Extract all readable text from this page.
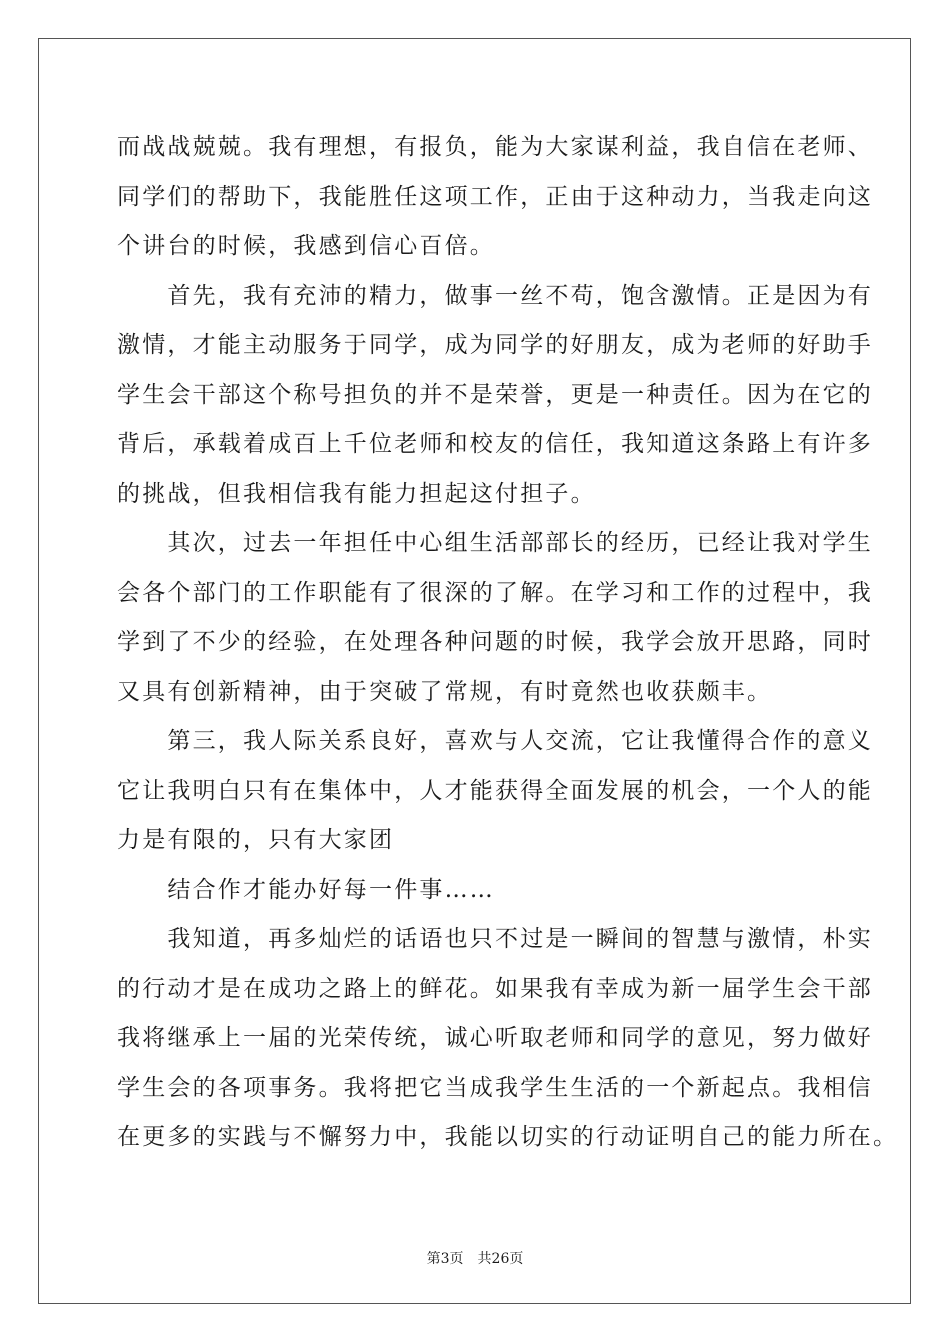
而战战兢兢。我有理想，有报负，能为大家谋利益，我自信在老师、
同学们的帮助下，我能胜任这项工作，正由于这种动力，当我走向这
个讲台的时候，我感到信心百倍。
　　首先，我有充沛的精力，做事一丝不苟，饱含激情。正是因为有
激情，才能主动服务于同学，成为同学的好朋友，成为老师的好助手
学生会干部这个称号担负的并不是荣誉，更是一种责任。因为在它的
背后，承载着成百上千位老师和校友的信任，我知道这条路上有许多
的挑战，但我相信我有能力担起这付担子。
　　其次，过去一年担任中心组生活部部长的经历，已经让我对学生
会各个部门的工作职能有了很深的了解。在学习和工作的过程中，我
学到了不少的经验，在处理各种问题的时候，我学会放开思路，同时
又具有创新精神，由于突破了常规，有时竟然也收获颇丰。
　　第三，我人际关系良好，喜欢与人交流，它让我懂得合作的意义
它让我明白只有在集体中，人才能获得全面发展的机会，一个人的能
力是有限的，只有大家团
　　结合作才能办好每一件事……
　　我知道，再多灿烂的话语也只不过是一瞬间的智慧与激情，朴实
的行动才是在成功之路上的鲜花。如果我有幸成为新一届学生会干部
我将继承上一届的光荣传统，诚心听取老师和同学的意见，努力做好
学生会的各项事务。我将把它当成我学生生活的一个新起点。我相信
在更多的实践与不懈努力中，我能以切实的行动证明自己的能力所在。
第3页　共26页
